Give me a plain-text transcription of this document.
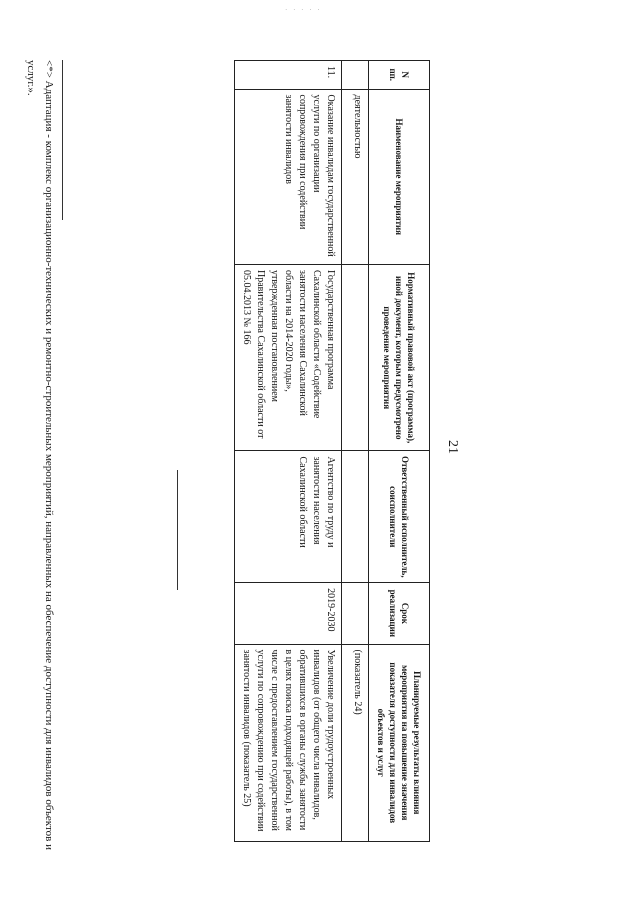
· · · · ·
21
N пп.	Наименование мероприятия	Нормативный правовой акт (программа), иной документ, которым предусмотрено проведение мероприятия	Ответственный исполнитель, соисполнители	Срок реализации	Планируемые результаты влияния мероприятия на повышение значения показателя доступности для инвалидов объектов и услуг
	деятельностью				(показатель 24)
11.	Оказание инвалидам государственной услуги по организации сопровождения при содействии занятости инвалидов	Государственная программа Сахалинской области «Содействие занятости населения Сахалинской области на 2014-2020 годы», утвержденная постановлением Правительства Сахалинской области от 05.04.2013 № 166	Агентство по труду и занятости населения Сахалинской области	2019-2030	Увеличение доли трудоустроенных инвалидов (от общего числа инвалидов, обратившихся в органы службы занятости в целях поиска подходящей работы), в том числе с предоставлением государственной услуги по сопровождению при содействии занятости инвалидов (показатель 25)
<*> Адаптация - комплекс организационно-технических и ремонтно-строительных мероприятий, направленных на обеспечение доступности для инвалидов объектов и услуг.».
